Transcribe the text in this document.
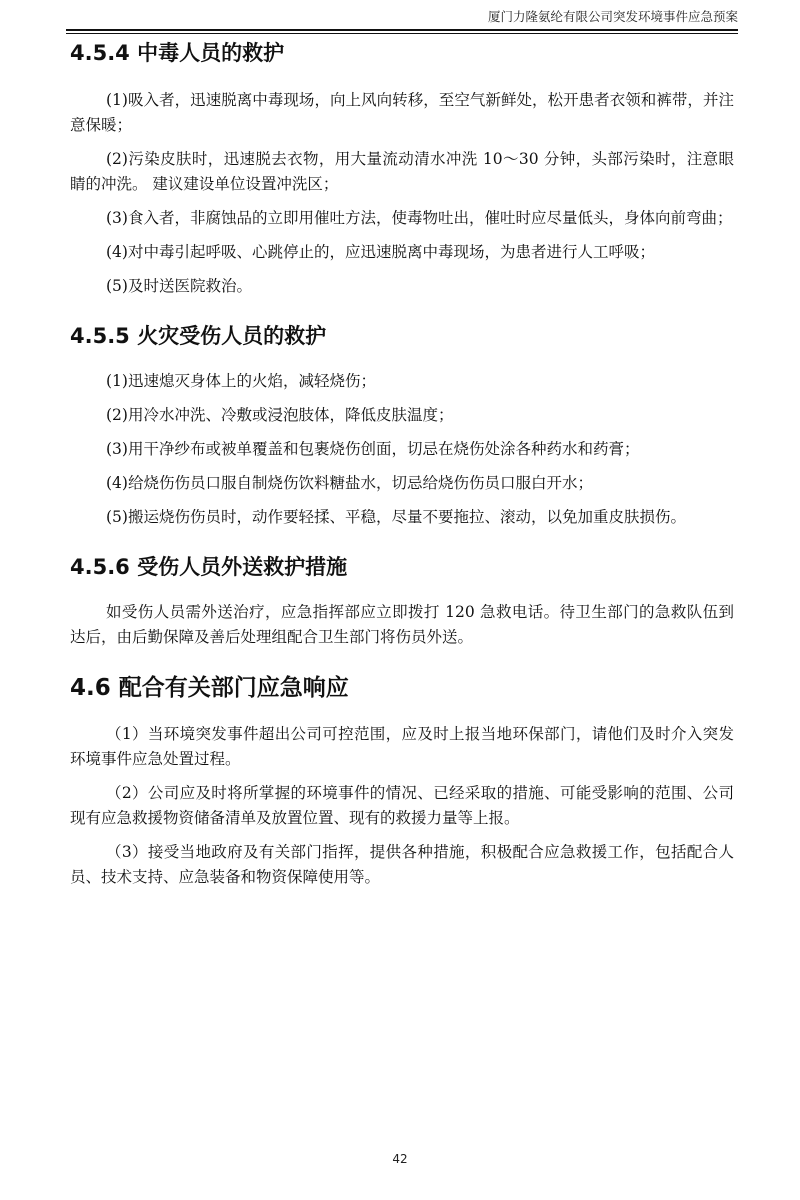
厦门力隆氨纶有限公司突发环境事件应急预案
4.5.4 中毒人员的救护

(1)吸入者，迅速脱离中毒现场，向上风向转移，至空气新鲜处，松开患者衣领和裤带，并注意保暖；

(2)污染皮肤时，迅速脱去衣物，用大量流动清水冲洗 10～30 分钟，头部污染时，注意眼睛的冲洗。 建议建设单位设置冲洗区；

(3)食入者，非腐蚀品的立即用催吐方法，使毒物吐出，催吐时应尽量低头，身体向前弯曲；

(4)对中毒引起呼吸、心跳停止的，应迅速脱离中毒现场，为患者进行人工呼吸；

(5)及时送医院救治。

4.5.5 火灾受伤人员的救护

(1)迅速熄灭身体上的火焰，减轻烧伤；

(2)用冷水冲洗、冷敷或浸泡肢体，降低皮肤温度；

(3)用干净纱布或被单覆盖和包裹烧伤创面，切忌在烧伤处涂各种药水和药膏；

(4)给烧伤伤员口服自制烧伤饮料糖盐水，切忌给烧伤伤员口服白开水；

(5)搬运烧伤伤员时，动作要轻揉、平稳，尽量不要拖拉、滚动，以免加重皮肤损伤。

4.5.6 受伤人员外送救护措施

如受伤人员需外送治疗，应急指挥部应立即拨打 120 急救电话。待卫生部门的急救队伍到达后，由后勤保障及善后处理组配合卫生部门将伤员外送。

4.6 配合有关部门应急响应

（1）当环境突发事件超出公司可控范围，应及时上报当地环保部门，请他们及时介入突发环境事件应急处置过程。

（2）公司应及时将所掌握的环境事件的情况、已经采取的措施、可能受影响的范围、公司现有应急救援物资储备清单及放置位置、现有的救援力量等上报。

（3）接受当地政府及有关部门指挥，提供各种措施，积极配合应急救援工作，包括配合人员、技术支持、应急装备和物资保障使用等。

42
